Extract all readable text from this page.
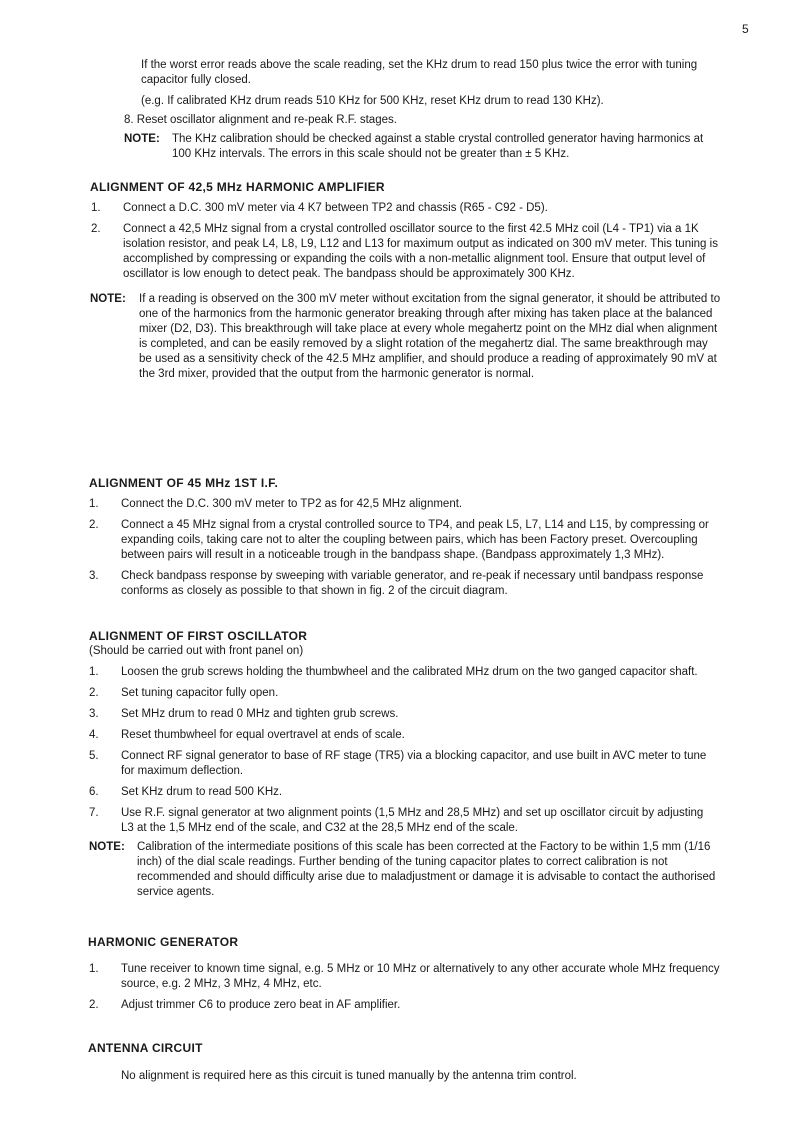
5

If the worst error reads above the scale reading, set the KHz drum to read 150 plus twice the error with tuning capacitor fully closed.

(e.g. If calibrated KHz drum reads 510 KHz for 500 KHz, reset KHz drum to read 130 KHz).

8. Reset oscillator alignment and re-peak R.F. stages.

NOTE: The KHz calibration should be checked against a stable crystal controlled generator having harmonics at 100 KHz intervals. The errors in this scale should not be greater than ± 5 KHz.

ALIGNMENT OF 42,5 MHz HARMONIC AMPLIFIER
1. Connect a D.C. 300 mV meter via 4 K7 between TP2 and chassis (R65 - C92 - D5).

2. Connect a 42,5 MHz signal from a crystal controlled oscillator source to the first 42.5 MHz coil (L4 - TP1) via a 1K isolation resistor, and peak L4, L8, L9, L12 and L13 for maximum output as indicated on 300 mV meter. This tuning is accomplished by compressing or expanding the coils with a non-metallic alignment tool. Ensure that output level of oscillator is low enough to detect peak. The bandpass should be approximately 300 KHz.

NOTE: If a reading is observed on the 300 mV meter without excitation from the signal generator, it should be attributed to one of the harmonics from the harmonic generator breaking through after mixing has taken place at the balanced mixer (D2, D3). This breakthrough will take place at every whole megahertz point on the MHz dial when alignment is completed, and can be easily removed by a slight rotation of the megahertz dial. The same breakthrough may be used as a sensitivity check of the 42.5 MHz amplifier, and should produce a reading of approximately 90 mV at the 3rd mixer, provided that the output from the harmonic generator is normal.

ALIGNMENT OF 45 MHz 1ST I.F.
1. Connect the D.C. 300 mV meter to TP2 as for 42,5 MHz alignment.

2. Connect a 45 MHz signal from a crystal controlled source to TP4, and peak L5, L7, L14 and L15, by compressing or expanding coils, taking care not to alter the coupling between pairs, which has been Factory preset. Overcoupling between pairs will result in a noticeable trough in the bandpass shape. (Bandpass approximately 1,3 MHz).

3. Check bandpass response by sweeping with variable generator, and re-peak if necessary until bandpass response conforms as closely as possible to that shown in fig. 2 of the circuit diagram.

ALIGNMENT OF FIRST OSCILLATOR

(Should be carried out with front panel on)

1. Loosen the grub screws holding the thumbwheel and the calibrated MHz drum on the two ganged capacitor shaft.

2. Set tuning capacitor fully open.

3. Set MHz drum to read 0 MHz and tighten grub screws.

4. Reset thumbwheel for equal overtravel at ends of scale.

5. Connect RF signal generator to base of RF stage (TR5) via a blocking capacitor, and use built in AVC meter to tune for maximum deflection.

6. Set KHz drum to read 500 KHz.

7. Use R.F. signal generator at two alignment points (1,5 MHz and 28,5 MHz) and set up oscillator circuit by adjusting L3 at the 1,5 MHz end of the scale, and C32 at the 28,5 MHz end of the scale.

NOTE: Calibration of the intermediate positions of this scale has been corrected at the Factory to be within 1,5 mm (1/16 inch) of the dial scale readings. Further bending of the tuning capacitor plates to correct calibration is not recommended and should difficulty arise due to maladjustment or damage it is advisable to contact the authorised service agents.

HARMONIC GENERATOR
1. Tune receiver to known time signal, e.g. 5 MHz or 10 MHz or alternatively to any other accurate whole MHz frequency source, e.g. 2 MHz, 3 MHz, 4 MHz, etc.

2. Adjust trimmer C6 to produce zero beat in AF amplifier.

ANTENNA CIRCUIT

No alignment is required here as this circuit is tuned manually by the antenna trim control.
